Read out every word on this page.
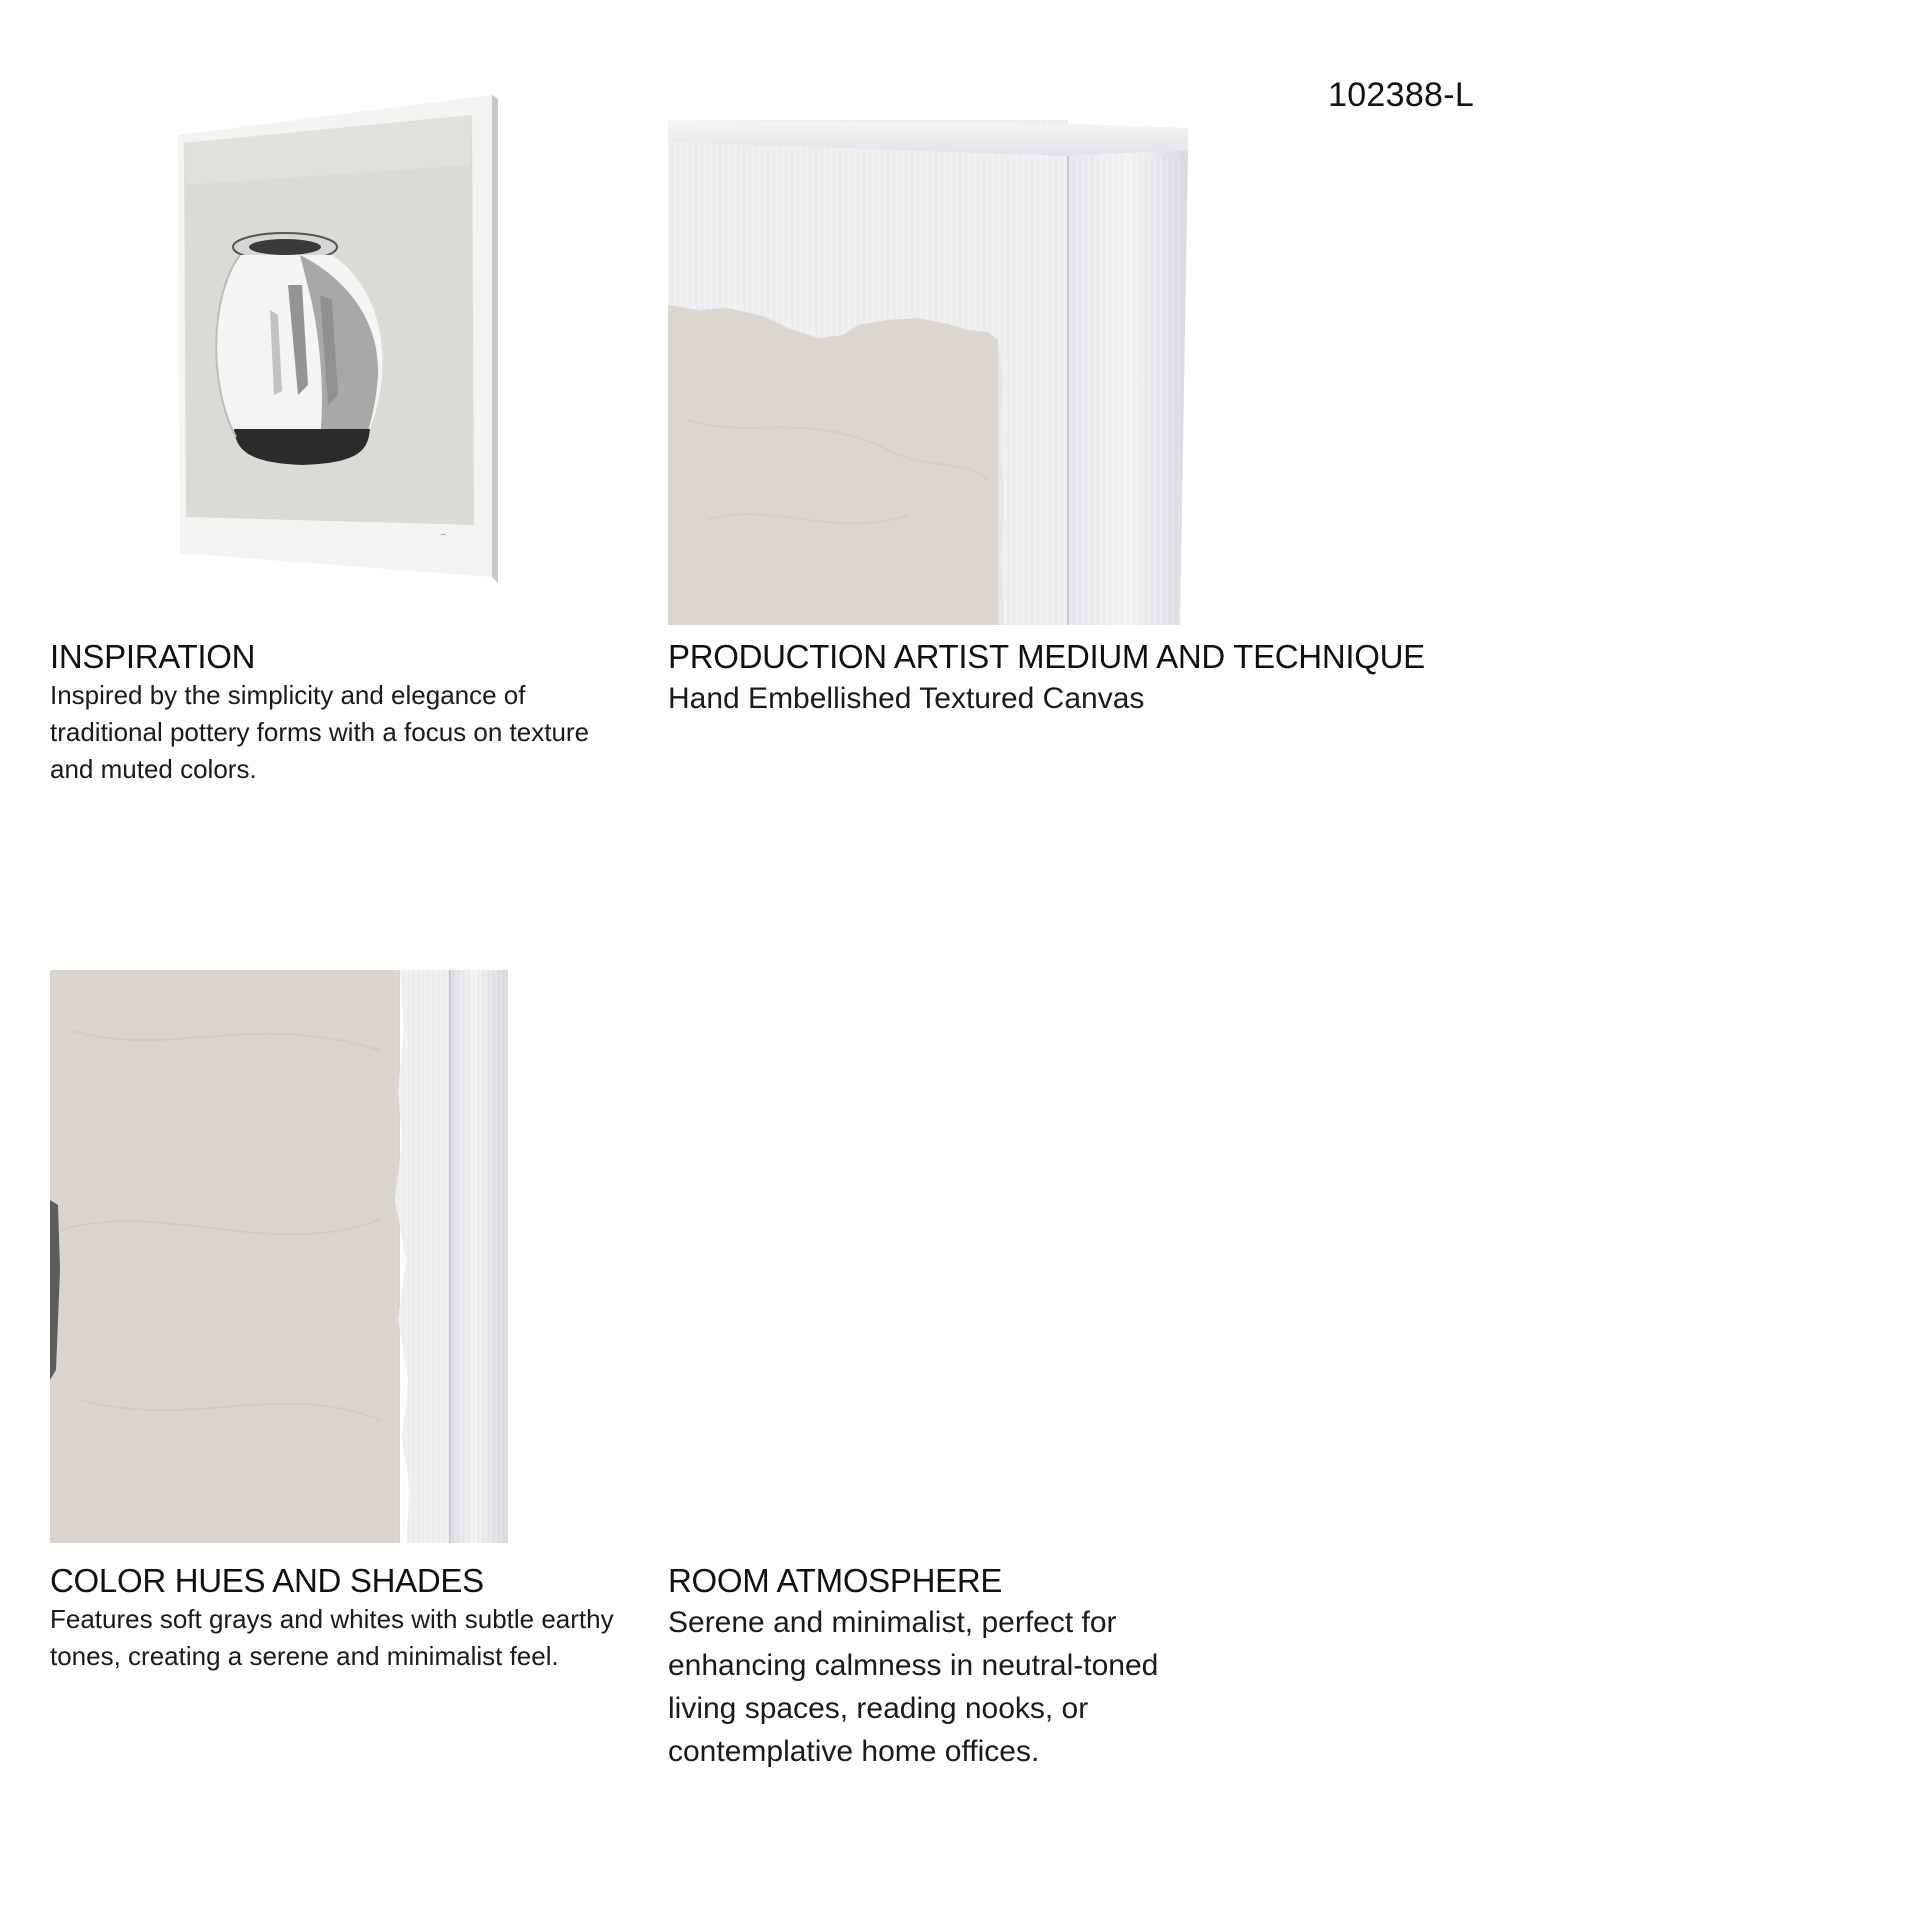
102388-L
~
INSPIRATION
Inspired by the simplicity and elegance of traditional pottery forms with a focus on texture and muted colors.
PRODUCTION ARTIST MEDIUM AND TECHNIQUE
Hand Embellished Textured Canvas
COLOR HUES AND SHADES
Features soft grays and whites with subtle earthy tones, creating a serene and minimalist feel.
ROOM ATMOSPHERE
Serene and minimalist, perfect for enhancing calmness in neutral-toned living spaces, reading nooks, or contemplative home offices.
